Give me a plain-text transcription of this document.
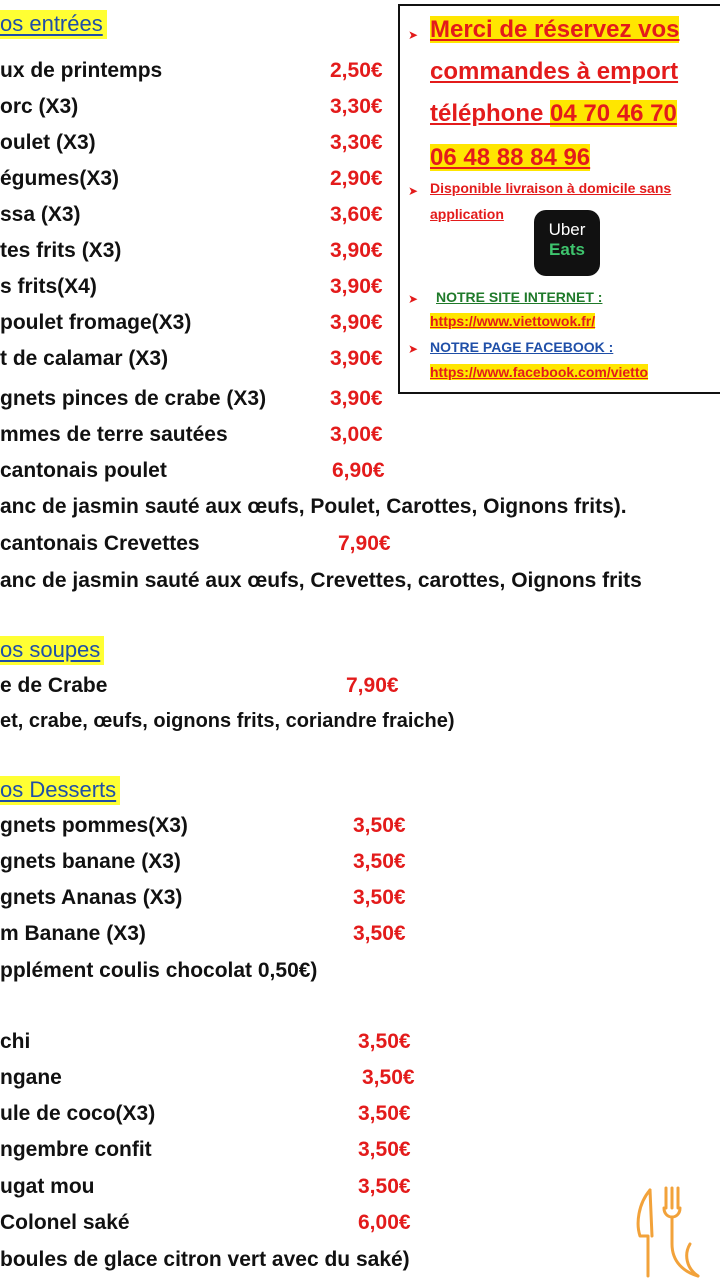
os entrées
ux de printemps	2,50€
orc (X3)	3,30€
oulet (X3)	3,30€
égumes(X3)	2,90€
ssa (X3)	3,60€
tes frits (X3)	3,90€
s frits(X4)	3,90€
poulet fromage(X3)	3,90€
t de calamar (X3)	3,90€
gnets pinces de crabe (X3)	3,90€
mmes de terre sautées	3,00€
cantonais poulet	6,90€
anc de jasmin sauté aux œufs, Poulet, Carottes, Oignons frits).
cantonais Crevettes	7,90€
anc de jasmin sauté aux œufs, Crevettes, carottes, Oignons frits
➤ Merci de réservez vos
commandes à emport
téléphone 04 70 46 70
06 48 88 84 96
➤ Disponible livraison à domicile sans
application
Uber
Eats
➤ NOTRE SITE INTERNET :
https://www.viettowok.fr/
➤ NOTRE PAGE FACEBOOK :
https://www.facebook.com/vietto
os soupes
e de Crabe	7,90€
et, crabe, œufs, oignons frits, coriandre fraiche)
os Desserts
gnets pommes(X3)	3,50€
gnets banane (X3)	3,50€
gnets Ananas (X3)	3,50€
m Banane (X3)	3,50€
pplément coulis chocolat 0,50€)
chi	3,50€
ngane	3,50€
ule de coco(X3)	3,50€
ngembre confit	3,50€
ugat mou	3,50€
Colonel saké	6,00€
boules de glace citron vert avec du saké)
